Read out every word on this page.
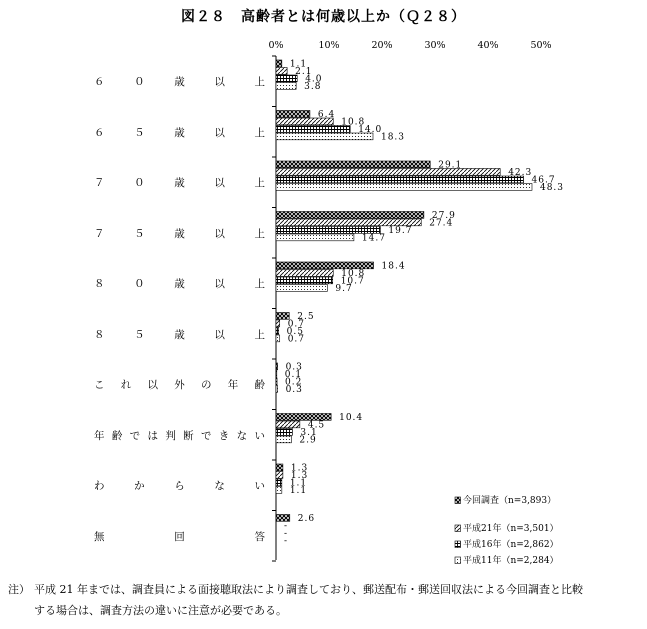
図２８　高齢者とは何歳以上か（Ｑ２８）
0%	10%	20%	30%	40%	50%
1.1
2.1
4.0
3.8
6.4
10.8
14.0
18.3
29.1
42.3
46.7
48.3
27.9
27.4
19.7
14.7
18.4
10.8
10.7
9.7
2.5
0.7
0.5
0.7
0.3
0.1
0.2
0.3
10.4
4.5
3.1
2.9
1.3
1.3
1.1
1.1
2.6
-
-
-
今回調査（n=3,893）
平成21年（n=3,501）
平成16年（n=2,862）
平成11年（n=2,284）
６	０	歳	以	上
６	５	歳	以	上
７	０	歳	以	上
７	５	歳	以	上
８	０	歳	以	上
８	５	歳	以	上
こ れ 以 外 の 年 齢
年 齢 で は 判 断 で き な い
わ	か	ら	な	い
無	回	答
注） 平成 21 年までは、調査員による面接聴取法により調査しており、郵送配布・郵送回収法による今回調査と比較
する場合は、調査方法の違いに注意が必要である。
